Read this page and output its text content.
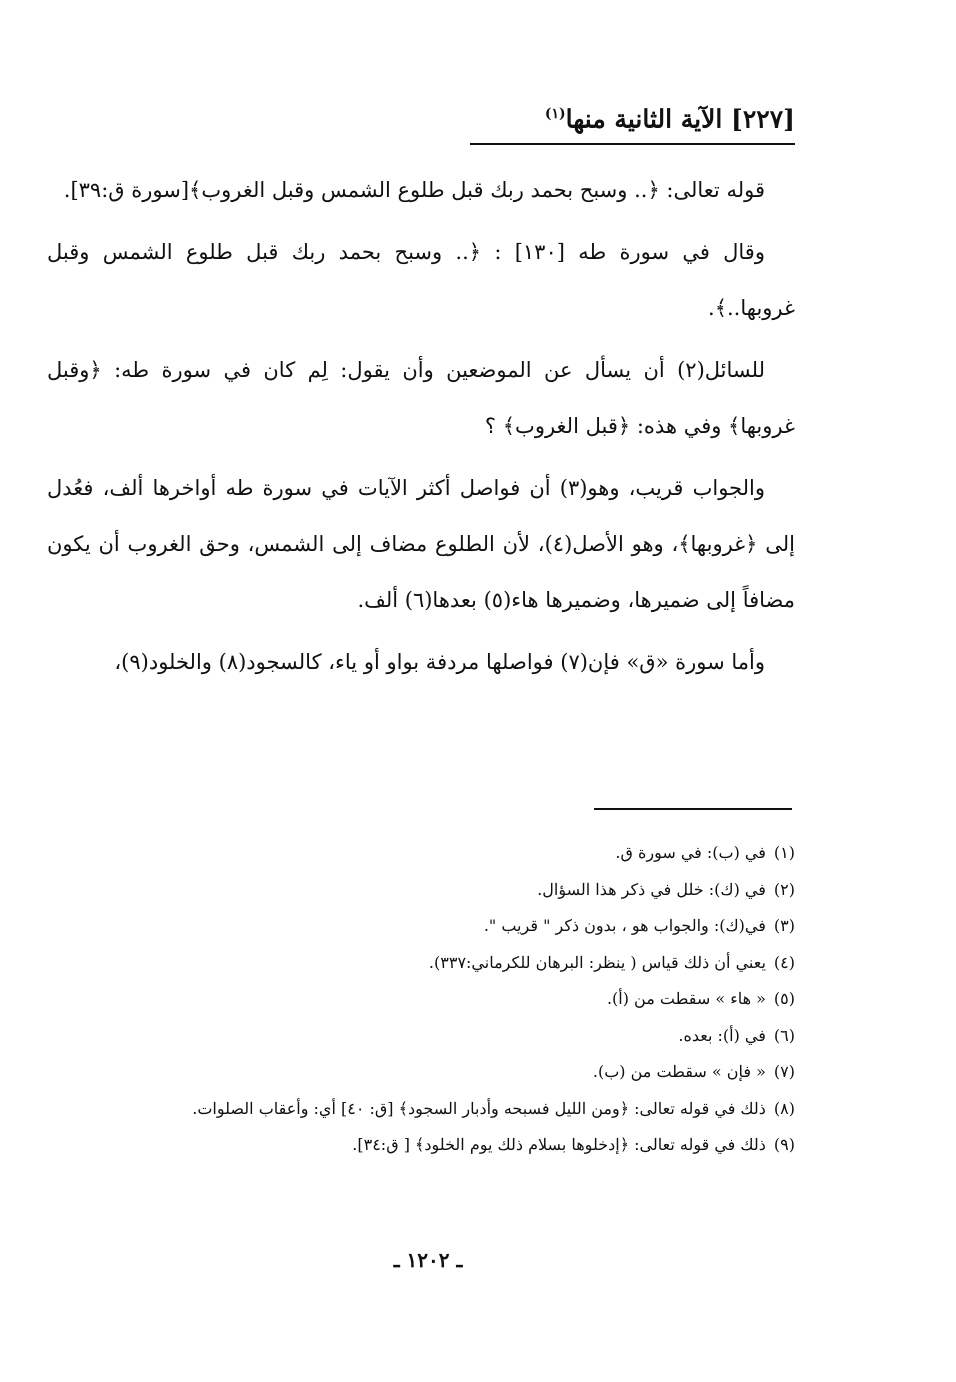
[٢٢٧] الآية الثانية منها$^{(١)}$

قوله تعالى: ﴿.. وسبح بحمد ربك قبل طلوع الشمس وقبل الغروب﴾[سورة ق:٣٩].

وقال في سورة طه [١٣٠] : ﴿.. وسبح بحمد ربك قبل طلوع الشمس وقبل غروبها..﴾.

للسائل(٢) أن يسأل عن الموضعين وأن يقول: لِم كان في سورة طه: ﴿وقبل غروبها﴾ وفي هذه: ﴿قبل الغروب﴾ ؟

والجواب قريب، وهو(٣) أن فواصل أكثر الآيات في سورة طه أواخرها ألف، فعُدل إلى ﴿غروبها﴾، وهو الأصل(٤)، لأن الطلوع مضاف إلى الشمس، وحق الغروب أن يكون مضافاً إلى ضميرها، وضميرها هاء(٥) بعدها(٦) ألف.

وأما سورة «ق» فإن(٧) فواصلها مردفة بواو أو ياء، كالسجود(٨) والخلود(٩)،

(١)في (ب): في سورة ق.
(٢)في (ك): خلل في ذكر هذا السؤال.
(٣)في(ك): والجواب هو ، بدون ذكر " قريب ".
(٤)يعني أن ذلك قياس ( ينظر: البرهان للكرماني:٣٣٧).
(٥)« هاء » سقطت من (أ).
(٦)في (أ): بعده.
(٧)« فإن » سقطت من (ب).
(٨)ذلك في قوله تعالى: ﴿ومن الليل فسبحه وأدبار السجود﴾ [ق: ٤٠] أي: وأعقاب الصلوات.
(٩)ذلك في قوله تعالى: ﴿إدخلوها بسلام ذلك يوم الخلود﴾ [ ق:٣٤].
ـ ١٢٠٢ ـ
